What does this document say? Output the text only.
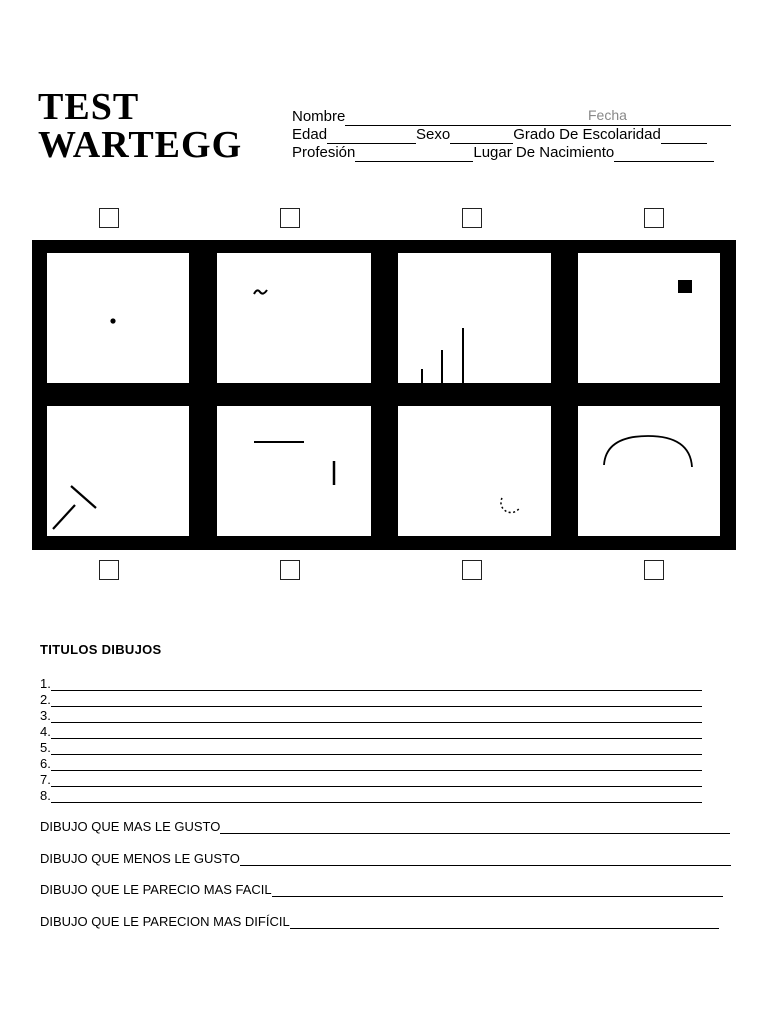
TEST
WARTEGG
Nombre	Fecha
Edad	Sexo	Grado De Escolaridad
Profesión	Lugar De Nacimiento
TITULOS DIBUJOS
1.
2.
3.
4.
5.
6.
7.
8.
DIBUJO QUE MAS LE GUSTO
DIBUJO QUE MENOS LE GUSTO
DIBUJO QUE LE PARECIO MAS FACIL
DIBUJO QUE LE PARECION MAS DIFÍCIL
